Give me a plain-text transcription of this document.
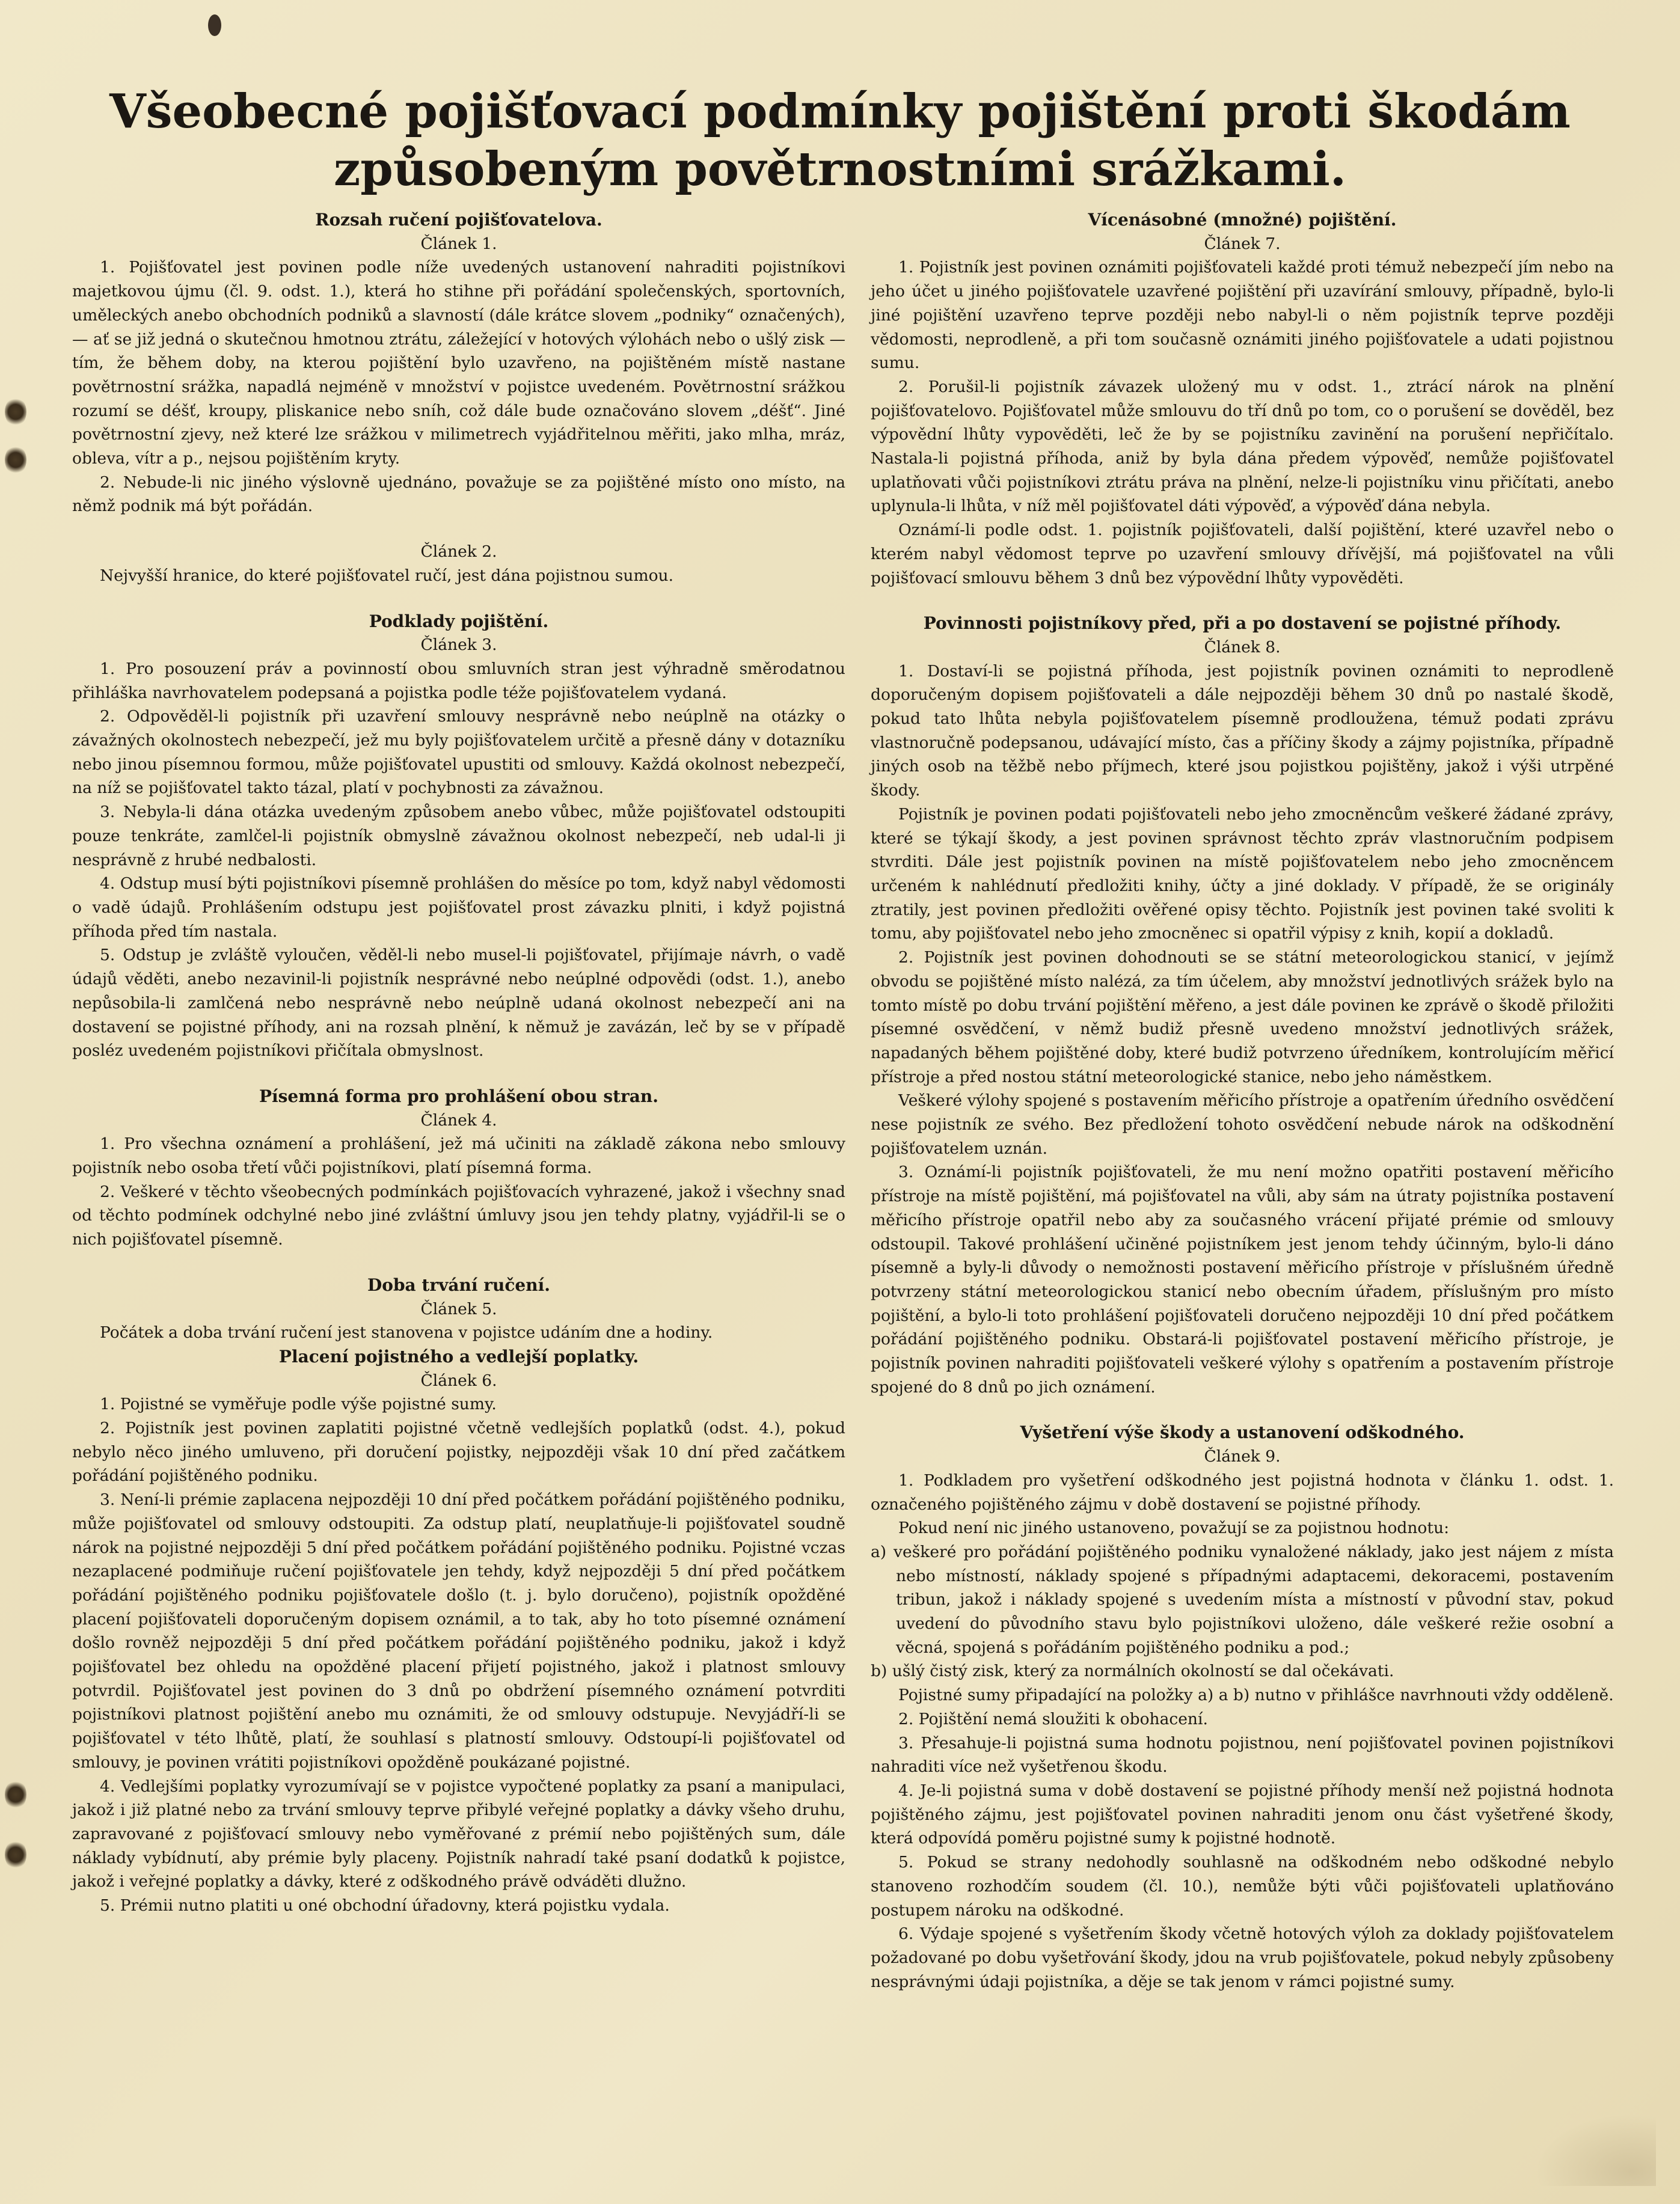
Všeobecné pojišťovací podmínky pojištění proti škodám
způsobeným povětrnostními srážkami.

Rozsah ručení pojišťovatelova.

Článek 1.

1. Pojišťovatel jest povinen podle níže uvedených ustanovení nahraditi pojistníkovi majetkovou újmu (čl. 9. odst. 1.), která ho stihne při pořádání společenských, sportovních, uměleckých anebo obchodních podniků a slavností (dále krátce slovem „podniky“ označených), — ať se již jedná o skutečnou hmotnou ztrátu, záležející v hotových výlohách nebo o ušlý zisk — tím, že během doby, na kterou pojištění bylo uzavřeno, na pojištěném místě nastane povětrnostní srážka, napadlá nejméně v množství v pojistce uvedeném. Povětrnostní srážkou rozumí se déšť, kroupy, pliskanice nebo sníh, což dále bude označováno slovem „déšť“. Jiné povětrnostní zjevy, než které lze srážkou v milimetrech vyjádřitelnou měřiti, jako mlha, mráz, obleva, vítr a p., nejsou pojištěním kryty.

2. Nebude-li nic jiného výslovně ujednáno, považuje se za pojištěné místo ono místo, na němž podnik má být pořádán.

Článek 2.

Nejvyšší hranice, do které pojišťovatel ručí, jest dána pojistnou sumou.

Podklady pojištění.

Článek 3.

1. Pro posouzení práv a povinností obou smluvních stran jest výhradně směrodatnou přihláška navrhovatelem podepsaná a pojistka podle téže pojišťovatelem vydaná.

2. Odpověděl-li pojistník při uzavření smlouvy nesprávně nebo neúplně na otázky o závažných okolnostech nebezpečí, jež mu byly pojišťovatelem určitě a přesně dány v dotazníku nebo jinou písemnou formou, může pojišťovatel upustiti od smlouvy. Každá okolnost nebezpečí, na níž se pojišťovatel takto tázal, platí v pochybnosti za závažnou.

3. Nebyla-li dána otázka uvedeným způsobem anebo vůbec, může pojišťovatel odstoupiti pouze tenkráte, zamlčel-li pojistník obmyslně závažnou okolnost nebezpečí, neb udal-li ji nesprávně z hrubé nedbalosti.

4. Odstup musí býti pojistníkovi písemně prohlášen do měsíce po tom, když nabyl vědomosti o vadě údajů. Prohlášením odstupu jest pojišťovatel prost závazku plniti, i když pojistná příhoda před tím nastala.

5. Odstup je zvláště vyloučen, věděl-li nebo musel-li pojišťovatel, přijímaje návrh, o vadě údajů věděti, anebo nezavinil-li pojistník nesprávné nebo neúplné odpovědi (odst. 1.), anebo nepůsobila-li zamlčená nebo nesprávně nebo neúplně udaná okolnost nebezpečí ani na dostavení se pojistné příhody, ani na rozsah plnění, k němuž je zavázán, leč by se v případě posléz uvedeném pojistníkovi přičítala obmyslnost.

Písemná forma pro prohlášení obou stran.

Článek 4.

1. Pro všechna oznámení a prohlášení, jež má učiniti na základě zákona nebo smlouvy pojistník nebo osoba třetí vůči pojistníkovi, platí písemná forma.

2. Veškeré v těchto všeobecných podmínkách pojišťovacích vyhrazené, jakož i všechny snad od těchto podmínek odchylné nebo jiné zvláštní úmluvy jsou jen tehdy platny, vyjádřil-li se o nich pojišťovatel písemně.

Doba trvání ručení.

Článek 5.

Počátek a doba trvání ručení jest stanovena v pojistce udáním dne a hodiny.

Placení pojistného a vedlejší poplatky.

Článek 6.

1. Pojistné se vyměřuje podle výše pojistné sumy.

2. Pojistník jest povinen zaplatiti pojistné včetně vedlejších poplatků (odst. 4.), pokud nebylo něco jiného umluveno, při doručení pojistky, nejpozději však 10 dní před začátkem pořádání pojištěného podniku.

3. Není-li prémie zaplacena nejpozději 10 dní před počátkem pořádání pojištěného podniku, může pojišťovatel od smlouvy odstoupiti. Za odstup platí, neuplatňuje-li pojišťovatel soudně nárok na pojistné nejpozději 5 dní před počátkem pořádání pojištěného podniku. Pojistné vczas nezaplacené podmiňuje ručení pojišťovatele jen tehdy, když nejpozději 5 dní před počátkem pořádání pojištěného podniku pojišťovatele došlo (t. j. bylo doručeno), pojistník opožděné placení pojišťovateli doporučeným dopisem oznámil, a to tak, aby ho toto písemné oznámení došlo rovněž nejpozději 5 dní před počátkem pořádání pojištěného podniku, jakož i když pojišťovatel bez ohledu na opožděné placení přijetí pojistného, jakož i platnost smlouvy potvrdil. Pojišťovatel jest povinen do 3 dnů po obdržení písemného oznámení potvrditi pojistníkovi platnost pojištění anebo mu oznámiti, že od smlouvy odstupuje. Nevyjádří-li se pojišťovatel v této lhůtě, platí, že souhlasí s platností smlouvy. Odstoupí-li pojišťovatel od smlouvy, je povinen vrátiti pojistníkovi opožděně poukázané pojistné.

4. Vedlejšími poplatky vyrozumívají se v pojistce vypočtené poplatky za psaní a manipulaci, jakož i již platné nebo za trvání smlouvy teprve přibylé veřejné poplatky a dávky všeho druhu, zapravované z pojišťovací smlouvy nebo vyměřované z prémií nebo pojištěných sum, dále náklady vybídnutí, aby prémie byly placeny. Pojistník nahradí také psaní dodatků k pojistce, jakož i veřejné poplatky a dávky, které z odškodného právě odváděti dlužno.

5. Prémii nutno platiti u oné obchodní úřadovny, která pojistku vydala.

Vícenásobné (množné) pojištění.

Článek 7.

1. Pojistník jest povinen oznámiti pojišťovateli každé proti témuž nebezpečí jím nebo na jeho účet u jiného pojišťovatele uzavřené pojištění při uzavírání smlouvy, případně, bylo-li jiné pojištění uzavřeno teprve později nebo nabyl-li o něm pojistník teprve později vědomosti, neprodleně, a při tom současně oznámiti jiného pojišťovatele a udati pojistnou sumu.

2. Porušil-li pojistník závazek uložený mu v odst. 1., ztrácí nárok na plnění pojišťovatelovo. Pojišťovatel může smlouvu do tří dnů po tom, co o porušení se dověděl, bez výpovědní lhůty vypověděti, leč že by se pojistníku zavinění na porušení nepřičítalo. Nastala-li pojistná příhoda, aniž by byla dána předem výpověď, nemůže pojišťovatel uplatňovati vůči pojistníkovi ztrátu práva na plnění, nelze-li pojistníku vinu přičítati, anebo uplynula-li lhůta, v níž měl pojišťovatel dáti výpověď, a výpověď dána nebyla.

Oznámí-li podle odst. 1. pojistník pojišťovateli, další pojištění, které uzavřel nebo o kterém nabyl vědomost teprve po uzavření smlouvy dřívější, má pojišťovatel na vůli pojišťovací smlouvu během 3 dnů bez výpovědní lhůty vypověděti.

Povinnosti pojistníkovy před, při a po dostavení se pojistné příhody.

Článek 8.

1. Dostaví-li se pojistná příhoda, jest pojistník povinen oznámiti to neprodleně doporučeným dopisem pojišťovateli a dále nejpozději během 30 dnů po nastalé škodě, pokud tato lhůta nebyla pojišťovatelem písemně prodloužena, témuž podati zprávu vlastnoručně podepsanou, udávající místo, čas a příčiny škody a zájmy pojistníka, případně jiných osob na těžbě nebo příjmech, které jsou pojistkou pojištěny, jakož i výši utrpěné škody.

Pojistník je povinen podati pojišťovateli nebo jeho zmocněncům veškeré žádané zprávy, které se týkají škody, a jest povinen správnost těchto zpráv vlastnoručním podpisem stvrditi. Dále jest pojistník povinen na místě pojišťovatelem nebo jeho zmocněncem určeném k nahlédnutí předložiti knihy, účty a jiné doklady. V případě, že se originály ztratily, jest povinen předložiti ověřené opisy těchto. Pojistník jest povinen také svoliti k tomu, aby pojišťovatel nebo jeho zmocněnec si opatřil výpisy z knih, kopií a dokladů.

2. Pojistník jest povinen dohodnouti se se státní meteorologickou stanicí, v jejímž obvodu se pojištěné místo nalézá, za tím účelem, aby množství jednotlivých srážek bylo na tomto místě po dobu trvání pojištění měřeno, a jest dále povinen ke zprávě o škodě přiložiti písemné osvědčení, v němž budiž přesně uvedeno množství jednotlivých srážek, napadaných během pojištěné doby, které budiž potvrzeno úředníkem, kontrolujícím měřicí přístroje a před nostou státní meteorologické stanice, nebo jeho náměstkem.

Veškeré výlohy spojené s postavením měřicího přístroje a opatřením úředního osvědčení nese pojistník ze svého. Bez předložení tohoto osvědčení nebude nárok na odškodnění pojišťovatelem uznán.

3. Oznámí-li pojistník pojišťovateli, že mu není možno opatřiti postavení měřicího přístroje na místě pojištění, má pojišťovatel na vůli, aby sám na útraty pojistníka postavení měřicího přístroje opatřil nebo aby za současného vrácení přijaté prémie od smlouvy odstoupil. Takové prohlášení učiněné pojistníkem jest jenom tehdy účinným, bylo-li dáno písemně a byly-li důvody o nemožnosti postavení měřicího přístroje v příslušném úředně potvrzeny státní meteorologickou stanicí nebo obecním úřadem, příslušným pro místo pojištění, a bylo-li toto prohlášení pojišťovateli doručeno nejpozději 10 dní před počátkem pořádání pojištěného podniku. Obstará-li pojišťovatel postavení měřicího přístroje, je pojistník povinen nahraditi pojišťovateli veškeré výlohy s opatřením a postavením přístroje spojené do 8 dnů po jich oznámení.

Vyšetření výše škody a ustanovení odškodného.

Článek 9.

1. Podkladem pro vyšetření odškodného jest pojistná hodnota v článku 1. odst. 1. označeného pojištěného zájmu v době dostavení se pojistné příhody.

Pokud není nic jiného ustanoveno, považují se za pojistnou hodnotu:

a) veškeré pro pořádání pojištěného podniku vynaložené náklady, jako jest nájem z místa nebo místností, náklady spojené s případnými adaptacemi, dekoracemi, postavením tribun, jakož i náklady spojené s uvedením místa a místností v původní stav, pokud uvedení do původního stavu bylo pojistníkovi uloženo, dále veškeré režie osobní a věcná, spojená s pořádáním pojištěného podniku a pod.;

b) ušlý čistý zisk, který za normálních okolností se dal očekávati.

Pojistné sumy připadající na položky a) a b) nutno v přihlášce navrhnouti vždy odděleně.

2. Pojištění nemá sloužiti k obohacení.

3. Přesahuje-li pojistná suma hodnotu pojistnou, není pojišťovatel povinen pojistníkovi nahraditi více než vyšetřenou škodu.

4. Je-li pojistná suma v době dostavení se pojistné příhody menší než pojistná hodnota pojištěného zájmu, jest pojišťovatel povinen nahraditi jenom onu část vyšetřené škody, která odpovídá poměru pojistné sumy k pojistné hodnotě.

5. Pokud se strany nedohodly souhlasně na odškodném nebo odškodné nebylo stanoveno rozhodčím soudem (čl. 10.), nemůže býti vůči pojišťovateli uplatňováno postupem nároku na odškodné.

6. Výdaje spojené s vyšetřením škody včetně hotových výloh za doklady pojišťovatelem požadované po dobu vyšetřování škody, jdou na vrub pojišťovatele, pokud nebyly způsobeny nesprávnými údaji pojistníka, a děje se tak jenom v rámci pojistné sumy.
